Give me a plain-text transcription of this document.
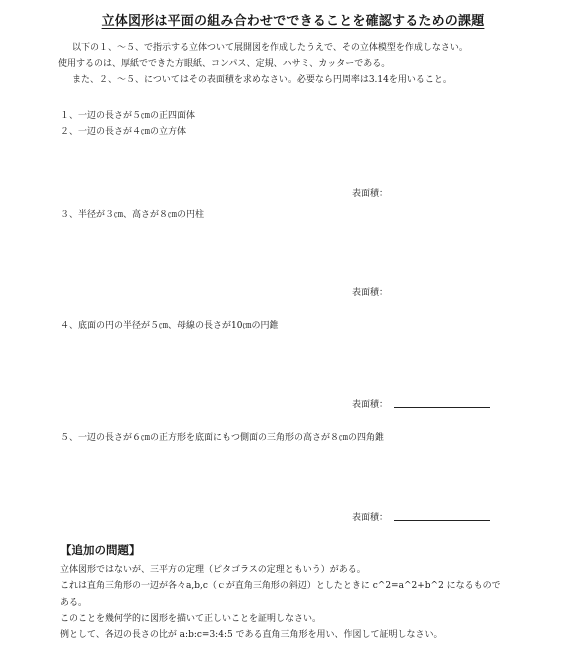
立体図形は平面の組み合わせでできることを確認するための課題
以下の１、～５、で指示する立体ついて展開図を作成したうえで、その立体模型を作成しなさい。
使用するのは、厚紙でできた方眼紙、コンパス、定規、ハサミ、カッターである。
また、２、～５、についてはその表面積を求めなさい。必要なら円周率は3.14を用いること。
１、一辺の長さが５㎝の正四面体
２、一辺の長さが４㎝の立方体
表面積：
３、半径が３㎝、高さが８㎝の円柱
表面積：
４、底面の円の半径が５㎝、母線の長さが10㎝の円錐
表面積：
５、一辺の長さが６㎝の正方形を底面にもつ側面の三角形の高さが８㎝の四角錐
表面積：
【追加の問題】
立体図形ではないが、三平方の定理（ピタゴラスの定理ともいう）がある。
これは直角三角形の一辺が各々a,b,c（ｃが直角三角形の斜辺）としたときに c^2=a^2+b^2 になるもので
ある。
このことを幾何学的に図形を描いて正しいことを証明しなさい。
例として、各辺の長さの比が a:b:c=3:4:5 である直角三角形を用い、作図して証明しなさい。
